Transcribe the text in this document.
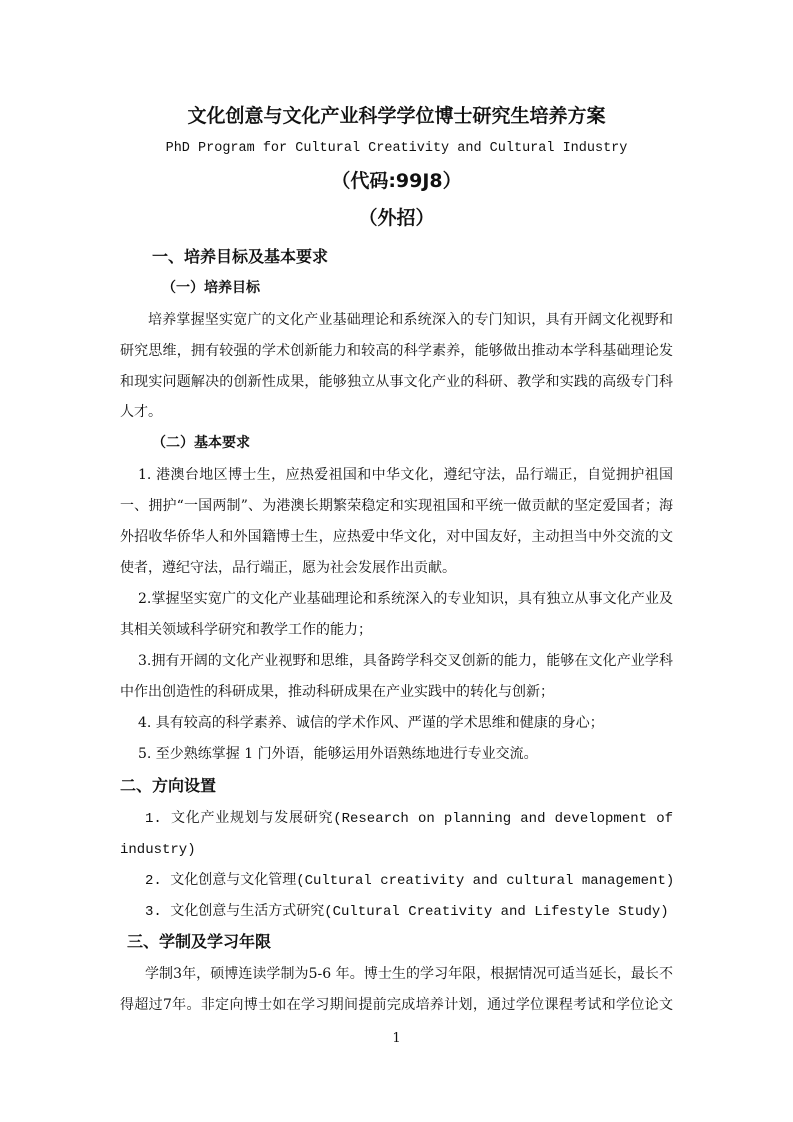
文化创意与文化产业科学学位博士研究生培养方案
PhD Program for Cultural Creativity and Cultural Industry
（代码:99J8）
（外招）
一、培养目标及基本要求
（一）培养目标
培养掌握坚实宽广的文化产业基础理论和系统深入的专门知识，具有开阔文化视野和
研究思维，拥有较强的学术创新能力和较高的科学素养，能够做出推动本学科基础理论发
和现实问题解决的创新性成果，能够独立从事文化产业的科研、教学和实践的高级专门科
人才。
（二）基本要求
1. 港澳台地区博士生，应热爱祖国和中华文化，遵纪守法，品行端正，自觉拥护祖国
一、拥护“一国两制”、为港澳长期繁荣稳定和实现祖国和平统一做贡献的坚定爱国者；海
外招收华侨华人和外国籍博士生，应热爱中华文化，对中国友好，主动担当中外交流的文
使者，遵纪守法，品行端正，愿为社会发展作出贡献。
2.掌握坚实宽广的文化产业基础理论和系统深入的专业知识，具有独立从事文化产业及
其相关领域科学研究和教学工作的能力；
3.拥有开阔的文化产业视野和思维，具备跨学科交叉创新的能力，能够在文化产业学科
中作出创造性的科研成果，推动科研成果在产业实践中的转化与创新；
4. 具有较高的科学素养、诚信的学术作风、严谨的学术思维和健康的身心；
5. 至少熟练掌握 1 门外语，能够运用外语熟练地进行专业交流。
二、方向设置
1. 文化产业规划与发展研究(Research on planning and development of
industry)
2. 文化创意与文化管理(Cultural creativity and cultural management)
3. 文化创意与生活方式研究(Cultural Creativity and Lifestyle Study)
三、学制及学习年限
学制3年，硕博连读学制为5-6 年。博士生的学习年限，根据情况可适当延长，最长不
得超过7年。非定向博士如在学习期间提前完成培养计划，通过学位课程考试和学位论文
1
